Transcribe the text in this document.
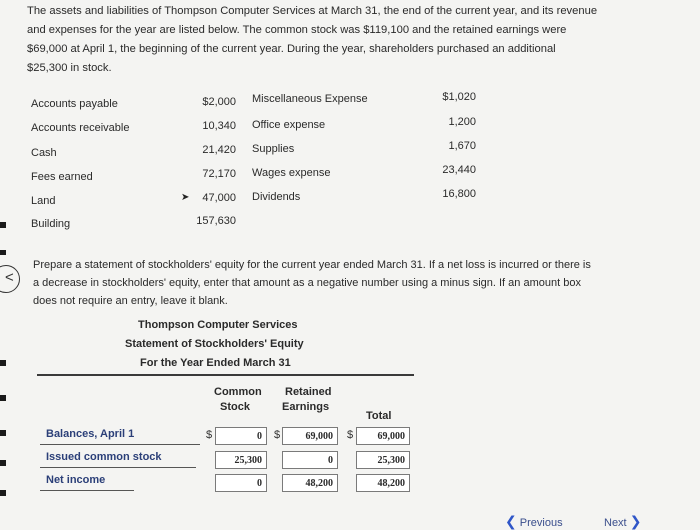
The assets and liabilities of Thompson Computer Services at March 31, the end of the current year, and its revenue
and expenses for the year are listed below. The common stock was $119,100 and the retained earnings were
$69,000 at April 1, the beginning of the current year. During the year, shareholders purchased an additional
$25,300 in stock.
Accounts payable	$2,000
Accounts receivable	10,340
Cash	21,420
Fees earned	72,170
Land	➤	47,000
Building	157,630
Miscellaneous Expense	$1,020
Office expense	1,200
Supplies	1,670
Wages expense	23,440
Dividends	16,800
<
Prepare a statement of stockholders' equity for the current year ended March 31. If a net loss is incurred or there is
a decrease in stockholders' equity, enter that amount as a negative number using a minus sign. If an amount box
does not require an entry, leave it blank.
Thompson Computer Services
Statement of Stockholders' Equity
For the Year Ended March 31
Common
Stock
Retained
Earnings
Total
Balances, April 1	$	0	$	69,000	$	69,000
Issued common stock	25,300	0	25,300
Net income	0	48,200	48,200
❮ Previous	Next ❯
